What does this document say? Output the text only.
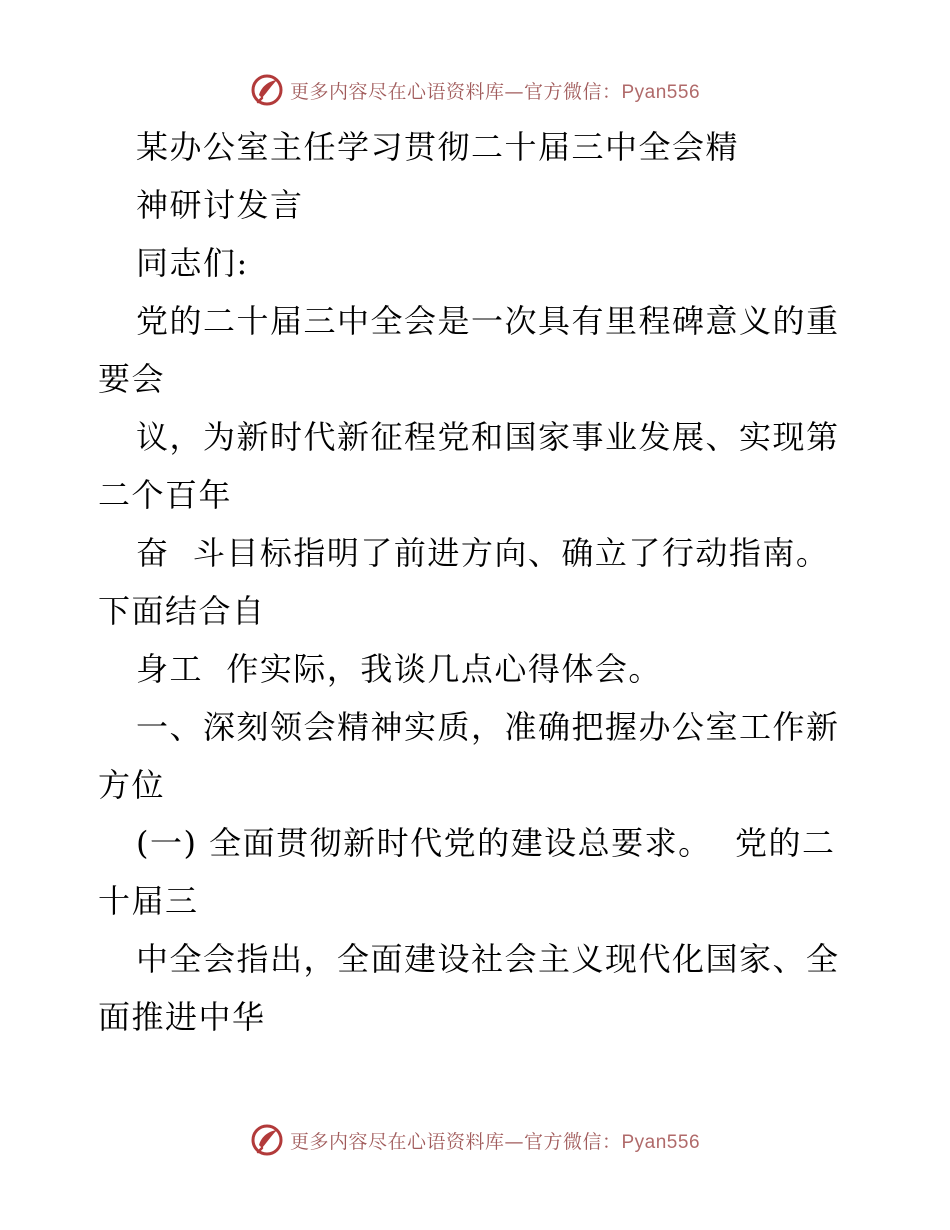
更多内容尽在心语资料库—官方微信：Pyan556
某办公室主任学习贯彻二十届三中全会精
神研讨发言
同志们:
党的二十届三中全会是一次具有里程碑意义的重
要会
议，为新时代新征程党和国家事业发展、实现第
二个百年
奋  斗目标指明了前进方向、确立了行动指南。
下面结合自
身工  作实际，我谈几点心得体会。
一、深刻领会精神实质，准确把握办公室工作新
方位
(一) 全面贯彻新时代党的建设总要求。  党的二
十届三
中全会指出，全面建设社会主义现代化国家、全
面推进中华
更多内容尽在心语资料库—官方微信：Pyan556
